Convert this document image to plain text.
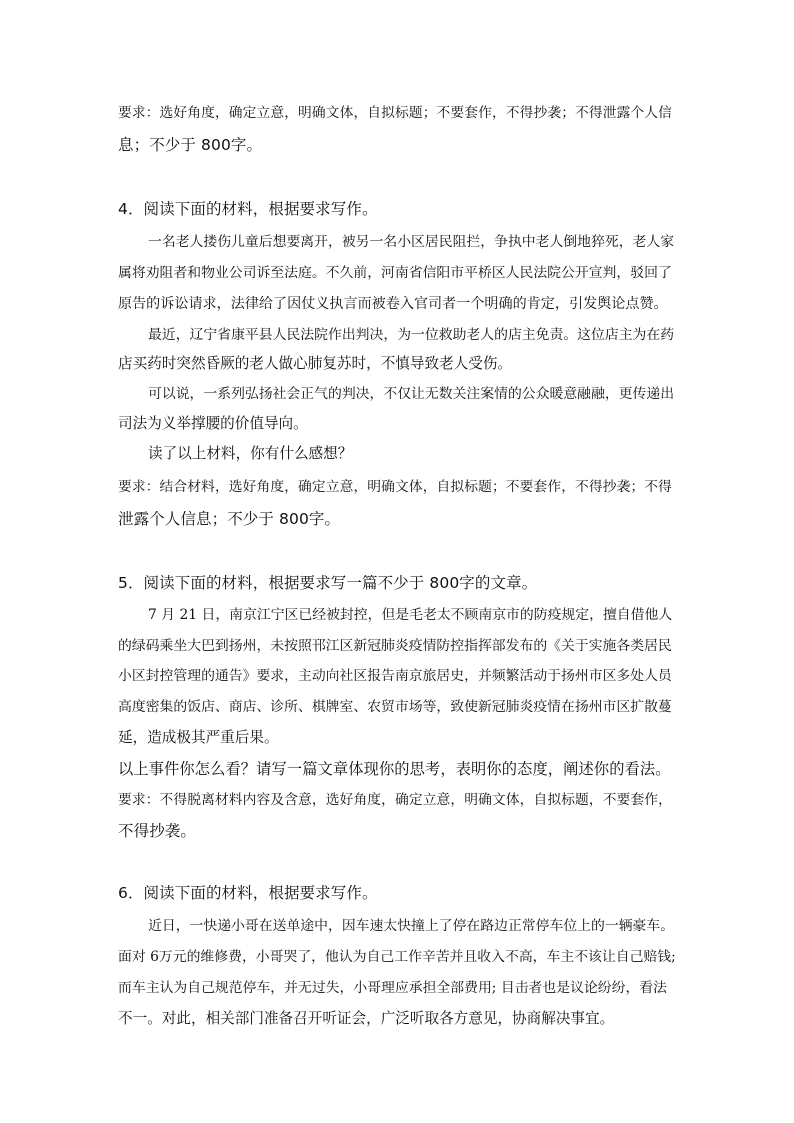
要求：选好角度，确定立意，明确文体，自拟标题；不要套作，不得抄袭；不得泄露个人信
息；不少于 800字。
4．阅读下面的材料，根据要求写作。
一名老人搂伤儿童后想要离开，被另一名小区居民阻拦，争执中老人倒地猝死，老人家
属将劝阻者和物业公司诉至法庭。不久前，河南省信阳市平桥区人民法院公开宣判，驳回了
原告的诉讼请求，法律给了因仗义执言而被卷入官司者一个明确的肯定，引发舆论点赞。
最近，辽宁省康平县人民法院作出判决，为一位救助老人的店主免责。这位店主为在药
店买药时突然昏厥的老人做心肺复苏时，不慎导致老人受伤。
可以说，一系列弘扬社会正气的判决，不仅让无数关注案情的公众暖意融融，更传递出
司法为义举撑腰的价值导向。
读了以上材料，你有什么感想？
要求：结合材料，选好角度，确定立意，明确文体，自拟标题；不要套作，不得抄袭；不得
泄露个人信息；不少于 800字。
5．阅读下面的材料，根据要求写一篇不少于 800字的文章。
7 月 21 日，南京江宁区已经被封控，但是毛老太不顾南京市的防疫规定，擅自借他人
的绿码乘坐大巴到扬州，未按照邗江区新冠肺炎疫情防控指挥部发布的《关于实施各类居民
小区封控管理的通告》要求，主动向社区报告南京旅居史，并频繁活动于扬州市区多处人员
高度密集的饭店、商店、诊所、棋牌室、农贸市场等，致使新冠肺炎疫情在扬州市区扩散蔓
延，造成极其严重后果。
以上事件你怎么看？请写一篇文章体现你的思考，表明你的态度，阐述你的看法。
要求：不得脱离材料内容及含意，选好角度，确定立意，明确文体，自拟标题，不要套作，
不得抄袭。
6．阅读下面的材料，根据要求写作。
近日，一快递小哥在送单途中，因车速太快撞上了停在路边正常停车位上的一辆豪车。
面对 6万元的维修费，小哥哭了，他认为自己工作辛苦并且收入不高，车主不该让自己赔钱;
而车主认为自己规范停车，并无过失，小哥理应承担全部费用; 目击者也是议论纷纷，看法
不一。对此，相关部门准备召开听证会，广泛听取各方意见，协商解决事宜。
